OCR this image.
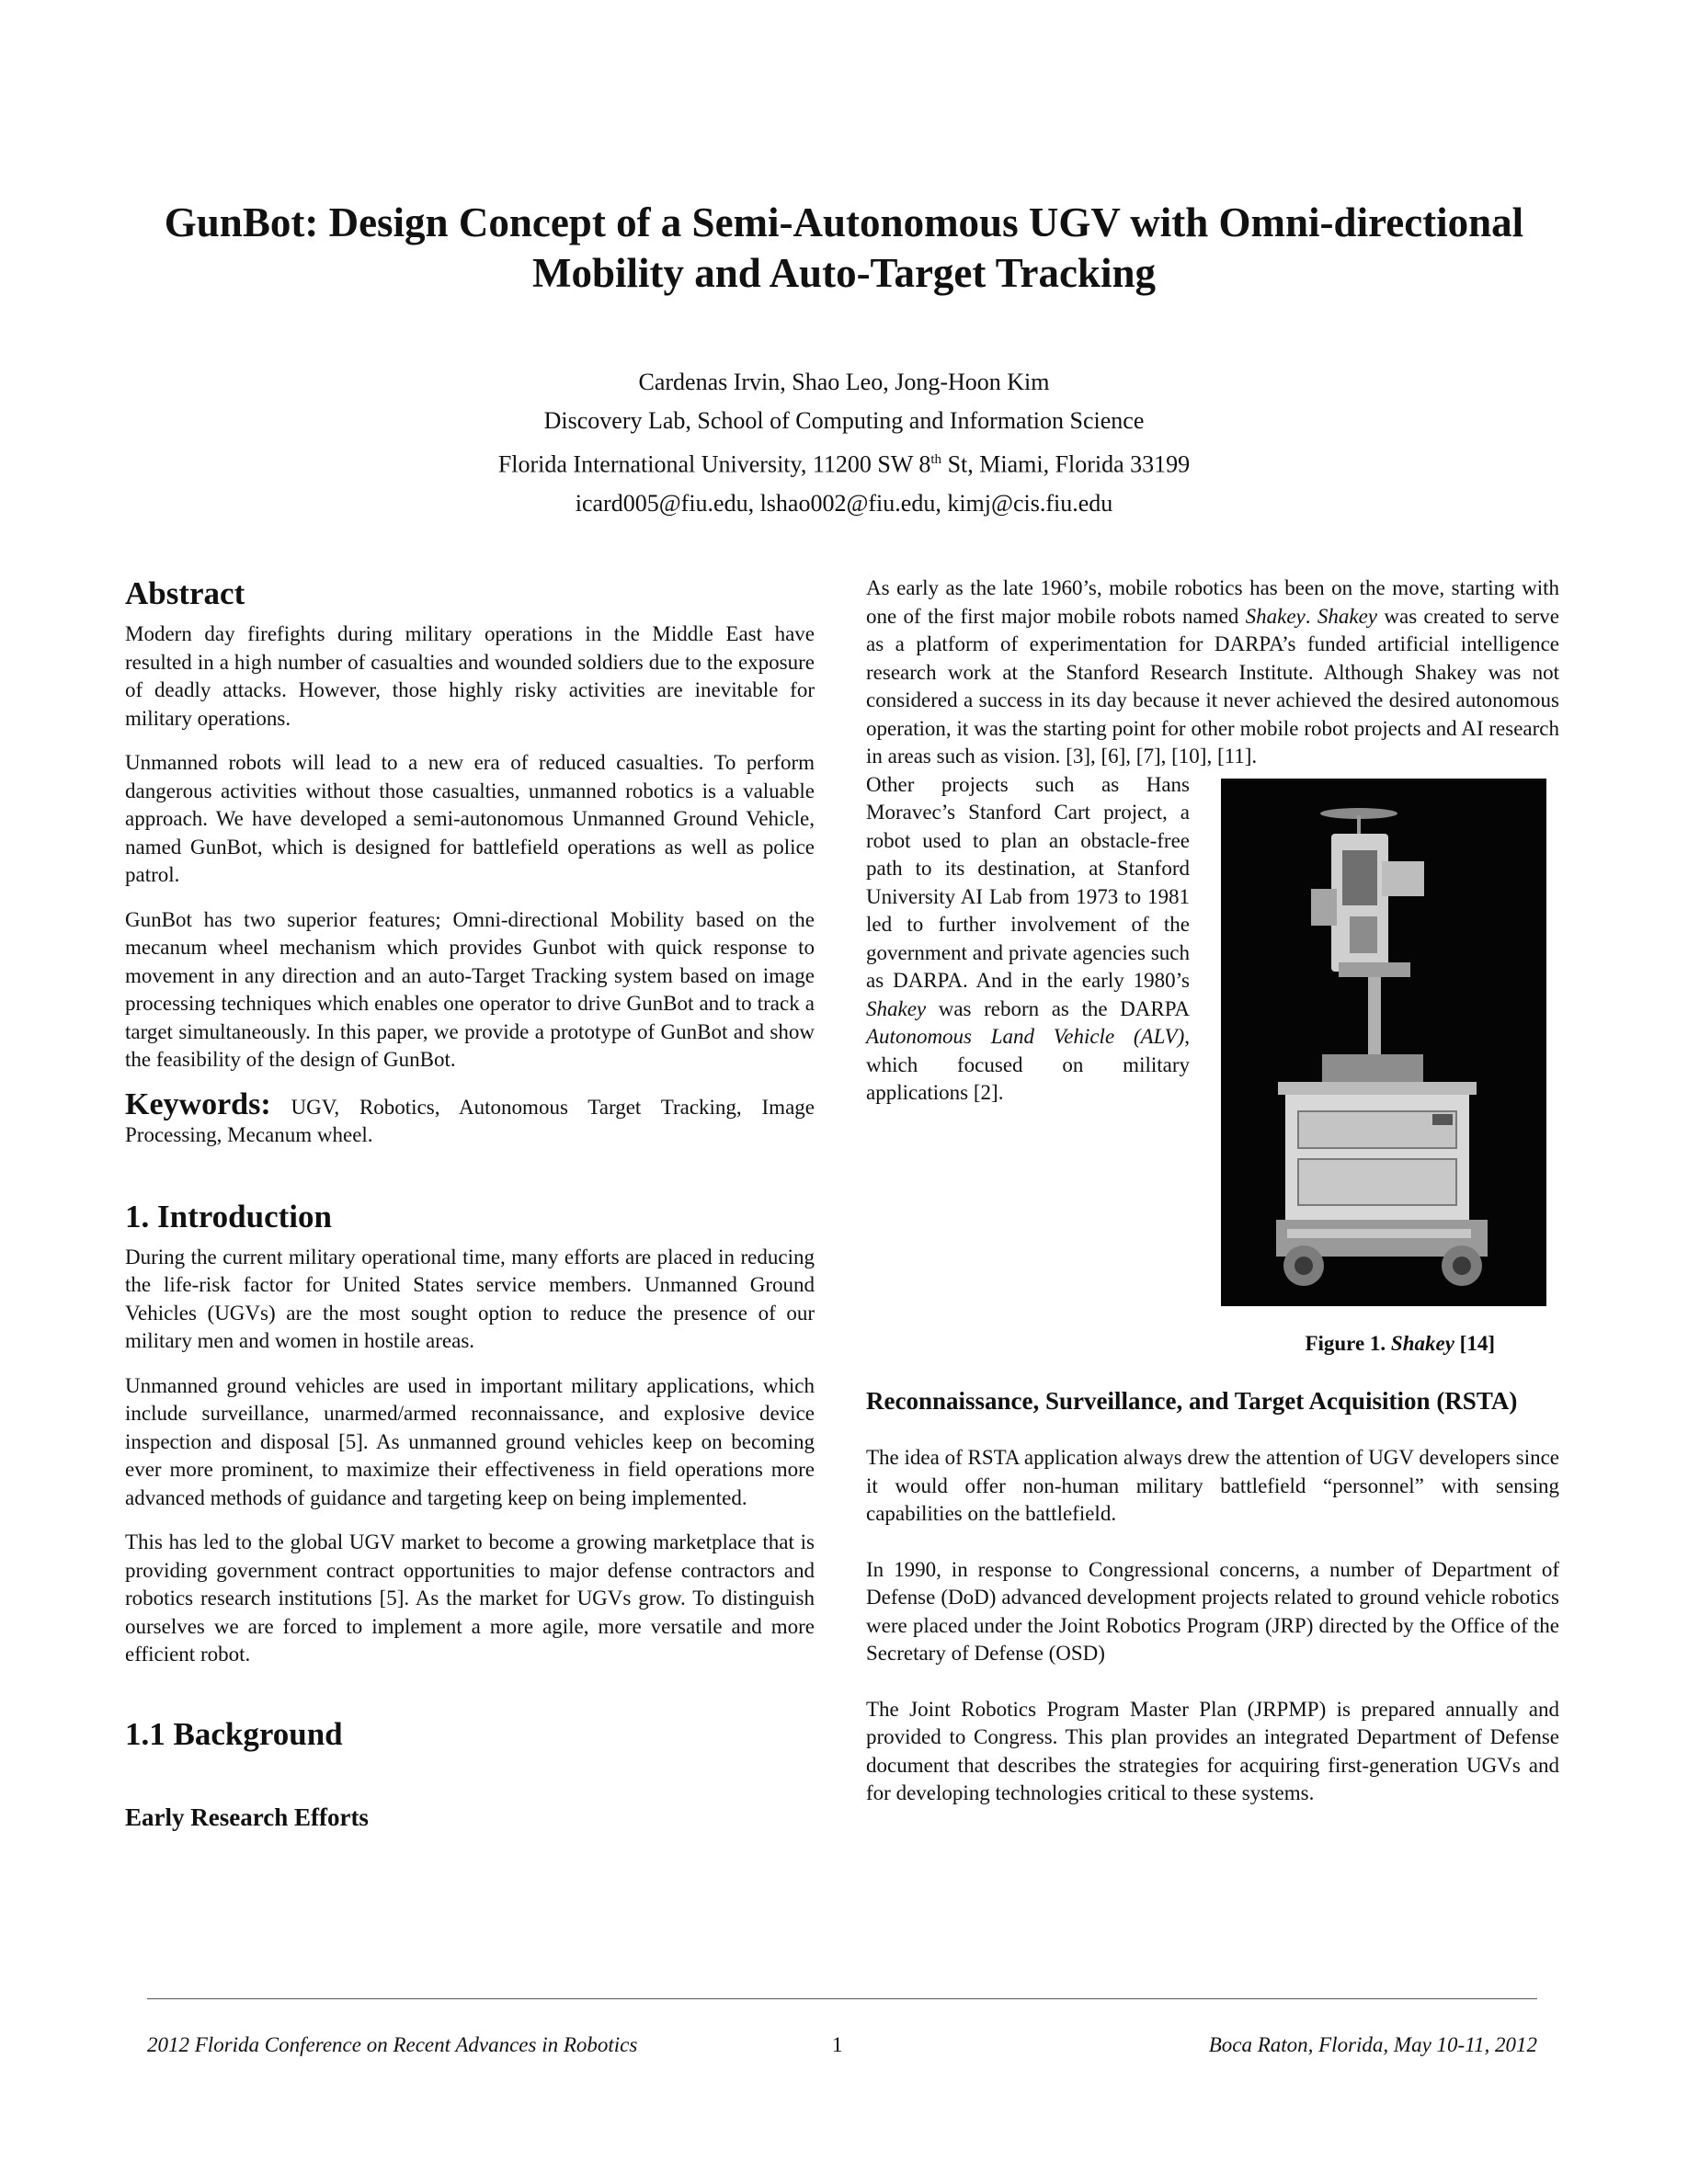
GunBot: Design Concept of a Semi-Autonomous UGV with Omni-directional Mobility and Auto-Target Tracking
Cardenas Irvin, Shao Leo, Jong-Hoon Kim
Discovery Lab, School of Computing and Information Science
Florida International University, 11200 SW 8th St, Miami, Florida 33199
icard005@fiu.edu, lshao002@fiu.edu, kimj@cis.fiu.edu
Abstract

Modern day firefights during military operations in the Middle East have resulted in a high number of casualties and wounded soldiers due to the exposure of deadly attacks. However, those highly risky activities are inevitable for military operations.

Unmanned robots will lead to a new era of reduced casualties. To perform dangerous activities without those casualties, unmanned robotics is a valuable approach. We have developed a semi-autonomous Unmanned Ground Vehicle, named GunBot, which is designed for battlefield operations as well as police patrol.

GunBot has two superior features; Omni-directional Mobility based on the mecanum wheel mechanism which provides Gunbot with quick response to movement in any direction and an auto-Target Tracking system based on image processing techniques which enables one operator to drive GunBot and to track a target simultaneously. In this paper, we provide a prototype of GunBot and show the feasibility of the design of GunBot.

Keywords: UGV, Robotics, Autonomous Target Tracking, Image Processing, Mecanum wheel.

1. Introduction

During the current military operational time, many efforts are placed in reducing the life-risk factor for United States service members. Unmanned Ground Vehicles (UGVs) are the most sought option to reduce the presence of our military men and women in hostile areas.

Unmanned ground vehicles are used in important military applications, which include surveillance, unarmed/armed reconnaissance, and explosive device inspection and disposal [5]. As unmanned ground vehicles keep on becoming ever more prominent, to maximize their effectiveness in field operations more advanced methods of guidance and targeting keep on being implemented.

This has led to the global UGV market to become a growing marketplace that is providing government contract opportunities to major defense contractors and robotics research institutions [5]. As the market for UGVs grow. To distinguish ourselves we are forced to implement a more agile, more versatile and more efficient robot.

1.1 Background
Early Research Efforts

As early as the late 1960’s, mobile robotics has been on the move, starting with one of the first major mobile robots named Shakey. Shakey was created to serve as a platform of experimentation for DARPA’s funded artificial intelligence research work at the Stanford Research Institute. Although Shakey was not considered a success in its day because it never achieved the desired autonomous operation, it was the starting point for other mobile robot projects and AI research in areas such as vision. [3], [6], [7], [10], [11].

Figure 1. Shakey [14]

Other projects such as Hans Moravec’s Stanford Cart project, a robot used to plan an obstacle-free path to its destination, at Stanford University AI Lab from 1973 to 1981 led to further involvement of the government and private agencies such as DARPA. And in the early 1980’s Shakey was reborn as the DARPA Autonomous Land Vehicle (ALV), which focused on military applications [2].

Reconnaissance, Surveillance, and Target Acquisition (RSTA)

The idea of RSTA application always drew the attention of UGV developers since it would offer non-human military battlefield “personnel” with sensing capabilities on the battlefield.

In 1990, in response to Congressional concerns, a number of Department of Defense (DoD) advanced development projects related to ground vehicle robotics were placed under the Joint Robotics Program (JRP) directed by the Office of the Secretary of Defense (OSD)

The Joint Robotics Program Master Plan (JRPMP) is prepared annually and provided to Congress. This plan provides an integrated Department of Defense document that describes the strategies for acquiring first-generation UGVs and for developing technologies critical to these systems.

2012 Florida Conference on Recent Advances in Robotics	1	Boca Raton, Florida, May 10-11, 2012
